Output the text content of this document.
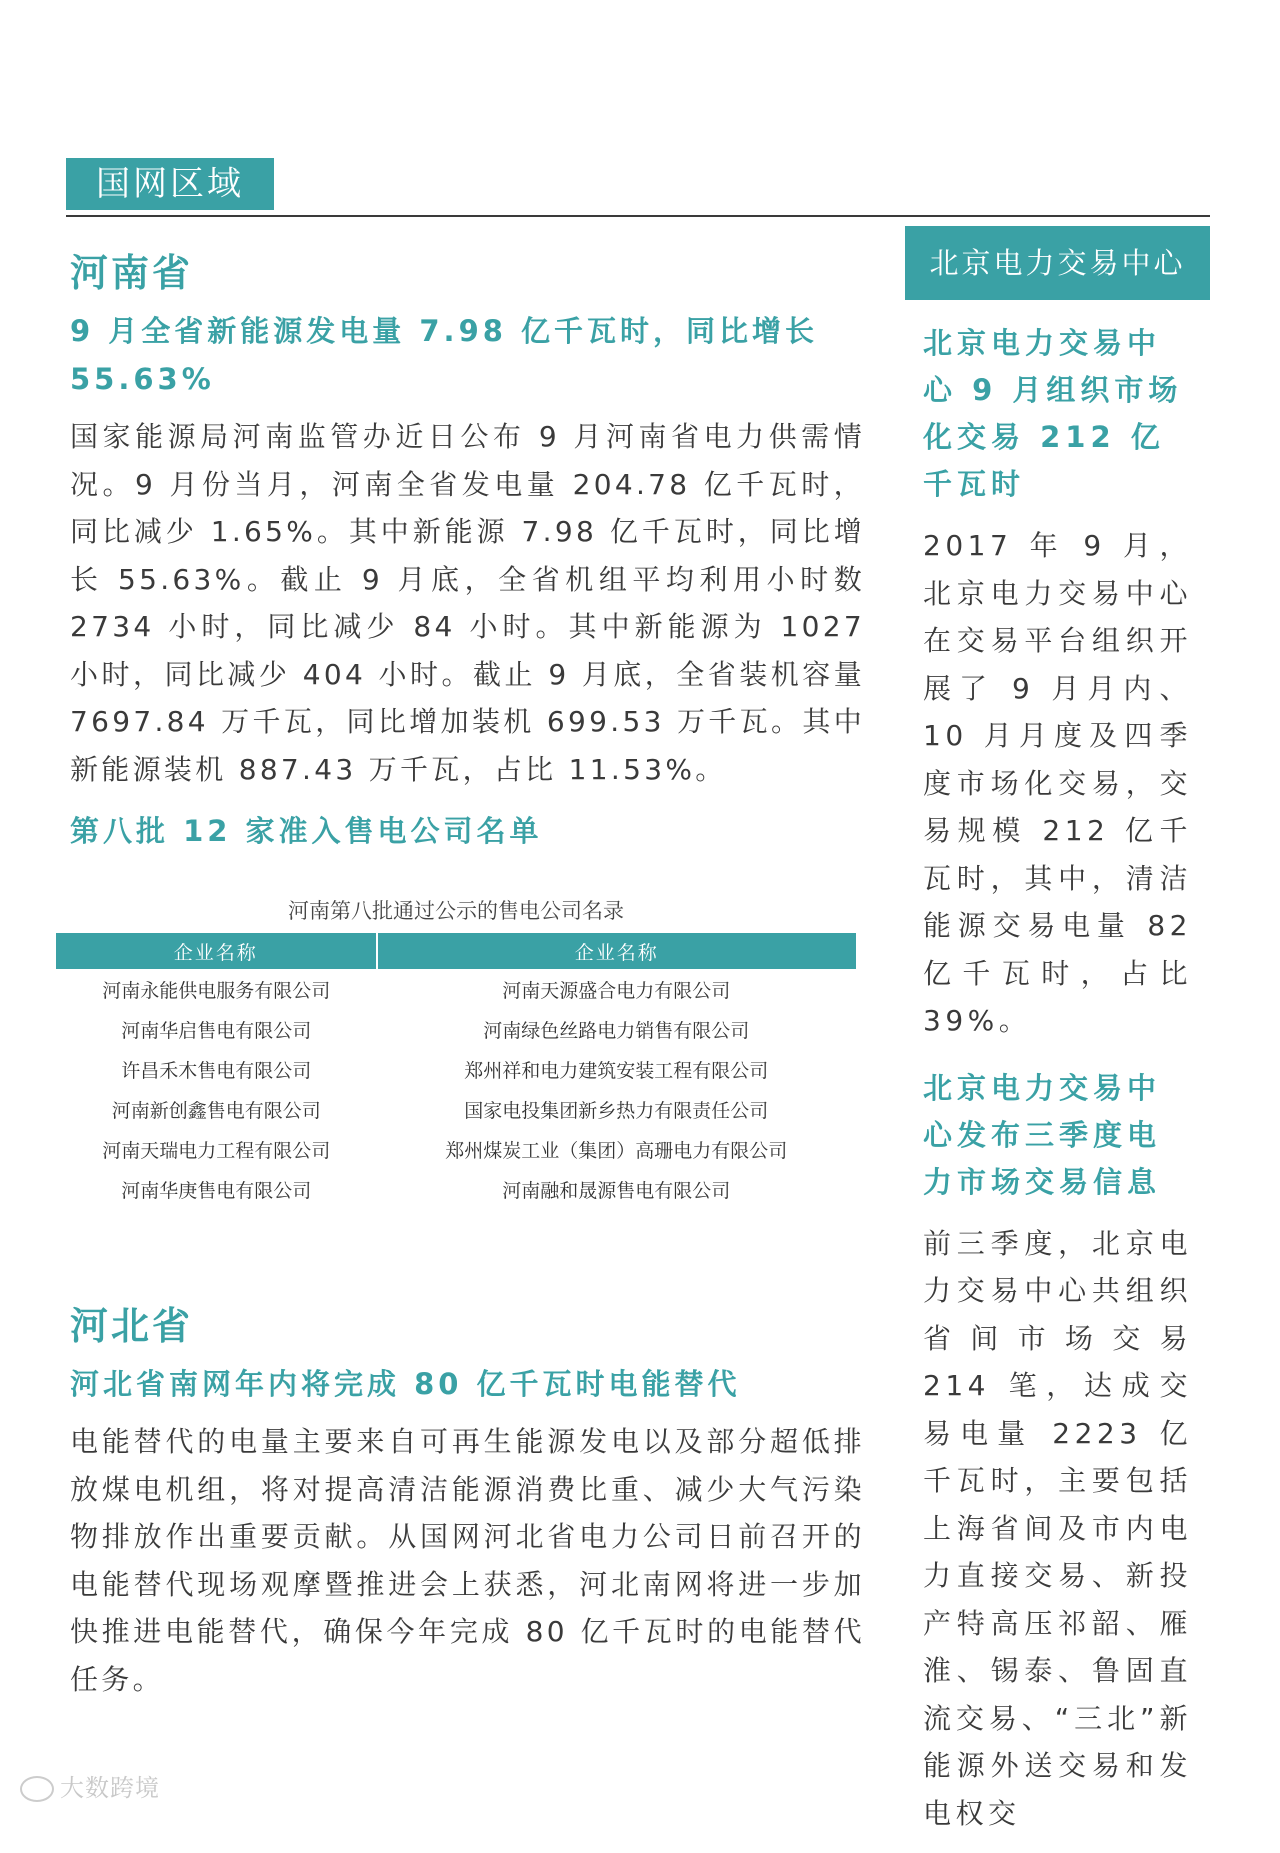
国网区域
河南省
9 月全省新能源发电量 7.98 亿千瓦时，同比增长 55.63%
国家能源局河南监管办近日公布 9 月河南省电力供需情况。9 月份当月，河南全省发电量 204.78 亿千瓦时，同比减少 1.65%。其中新能源 7.98 亿千瓦时，同比增长 55.63%。截止 9 月底，全省机组平均利用小时数 2734 小时，同比减少 84 小时。其中新能源为 1027 小时，同比减少 404 小时。截止 9 月底，全省装机容量 7697.84 万千瓦，同比增加装机 699.53 万千瓦。其中新能源装机 887.43 万千瓦，占比 11.53%。
第八批 12 家准入售电公司名单
河南第八批通过公示的售电公司名录
企业名称	企业名称
河南永能供电服务有限公司	河南天源盛合电力有限公司
河南华启售电有限公司	河南绿色丝路电力销售有限公司
许昌禾木售电有限公司	郑州祥和电力建筑安装工程有限公司
河南新创鑫售电有限公司	国家电投集团新乡热力有限责任公司
河南天瑞电力工程有限公司	郑州煤炭工业（集团）高珊电力有限公司
河南华庚售电有限公司	河南融和晟源售电有限公司
河北省
河北省南网年内将完成 80 亿千瓦时电能替代
电能替代的电量主要来自可再生能源发电以及部分超低排放煤电机组，将对提高清洁能源消费比重、减少大气污染物排放作出重要贡献。从国网河北省电力公司日前召开的电能替代现场观摩暨推进会上获悉，河北南网将进一步加快推进电能替代，确保今年完成 80 亿千瓦时的电能替代任务。
北京电力交易中心
北京电力交易中心 9 月组织市场化交易 212 亿千瓦时
2017 年 9 月，北京电力交易中心在交易平台组织开展了 9 月月内、10 月月度及四季度市场化交易，交易规模 212 亿千瓦时，其中，清洁能源交易电量 82 亿千瓦时，占比 39%。
北京电力交易中心发布三季度电力市场交易信息
前三季度，北京电力交易中心共组织省间市场交易 214 笔，达成交易电量 2223 亿千瓦时，主要包括上海省间及市内电力直接交易、新投产特高压祁韶、雁淮、锡泰、鲁固直流交易、“三北”新能源外送交易和发电权交
大数跨境
